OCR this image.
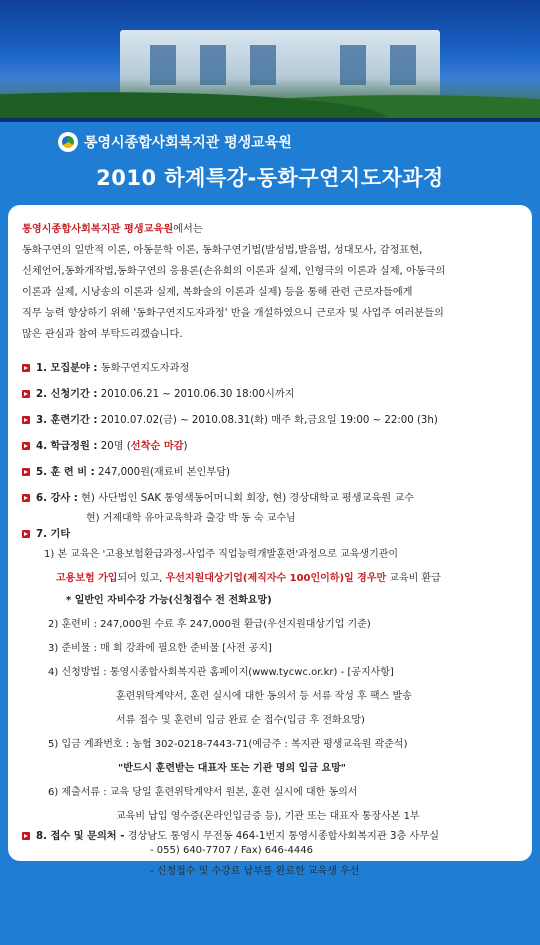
통영시종합사회복지관 평생교육원
2010 하계특강-동화구연지도자과정
통영시종합사회복지관 평생교육원에서는
동화구연의 일반적 이론, 아동문학 이론, 동화구연기법(발성법,발음법, 성대모사, 감정표현,
신체언어,동화개작법,동화구연의 응용론(손유희의 이론과 실제, 인형극의 이론과 실제, 아동극의
이론과 실제, 시낭송의 이론과 실제, 복화술의 이론과 실제) 등을 통해 관련 근로자들에게
직무 능력 향상하기 위해 '동화구연지도자과정' 반을 개설하였으니 근로자 및 사업주 여러분들의
많은 관심과 참여 부탁드리겠습니다.
1. 모집분야 : 동화구연지도자과정
2. 신청기간 : 2010.06.21 ~ 2010.06.30 18:00시까지
3. 훈련기간 : 2010.07.02(금) ~ 2010.08.31(화) 매주 화,금요일 19:00 ~ 22:00 (3h)
4. 학급정원 : 20명 (선착순 마감)
5. 훈 련 비 : 247,000원(재료비 본인부담)
6. 강사 : 현) 사단법인 SAK 통영색동어머니회 회장, 현) 경상대학교 평생교육원 교수
현) 거제대학 유아교육학과 출강 박 동 숙 교수님
7. 기타
1) 본 교육은 '고용보험환급과정-사업주 직업능력개발훈련'과정으로 교육생기관이
고용보험 가입되어 있고, 우선지원대상기업(제직자수 100인이하)일 경우만 교육비 환급
* 일반인 자비수강 가능(신청접수 전 전화요망)
2) 훈련비 : 247,000원 수료 후 247,000원 환급(우선지원대상기업 기준)
3) 준비물 : 매 회 강좌에 필요한 준비물 [사전 공지]
4) 신청방법 : 통영시종합사회복지관 홈페이지(www.tycwc.or.kr) - [공지사항]
훈련위탁계약서, 훈련 실시에 대한 동의서 등 서류 작성 후 팩스 발송
서류 접수 및 훈련비 입금 완료 순 접수(입금 후 전화요망)
5) 입금 계좌번호 : 농협 302-0218-7443-71(예금주 : 복지관 평생교육원 곽준석)
"반드시 훈련받는 대표자 또는 기관 명의 입금 요망"
6) 제출서류 : 교육 당일 훈련위탁계약서 원본, 훈련 실시에 대한 동의서
교육비 납입 영수증(온라인입금증 등), 기관 또는 대표자 통장사본 1부
8. 접수 및 문의처 - 경상남도 통영시 무전동 464-1번지 통영시종합사회복지관 3층 사무실
- 055) 640-7707 / Fax) 646-4446
- 신청접수 및 수강료 납부를 완료한 교육생 우선
